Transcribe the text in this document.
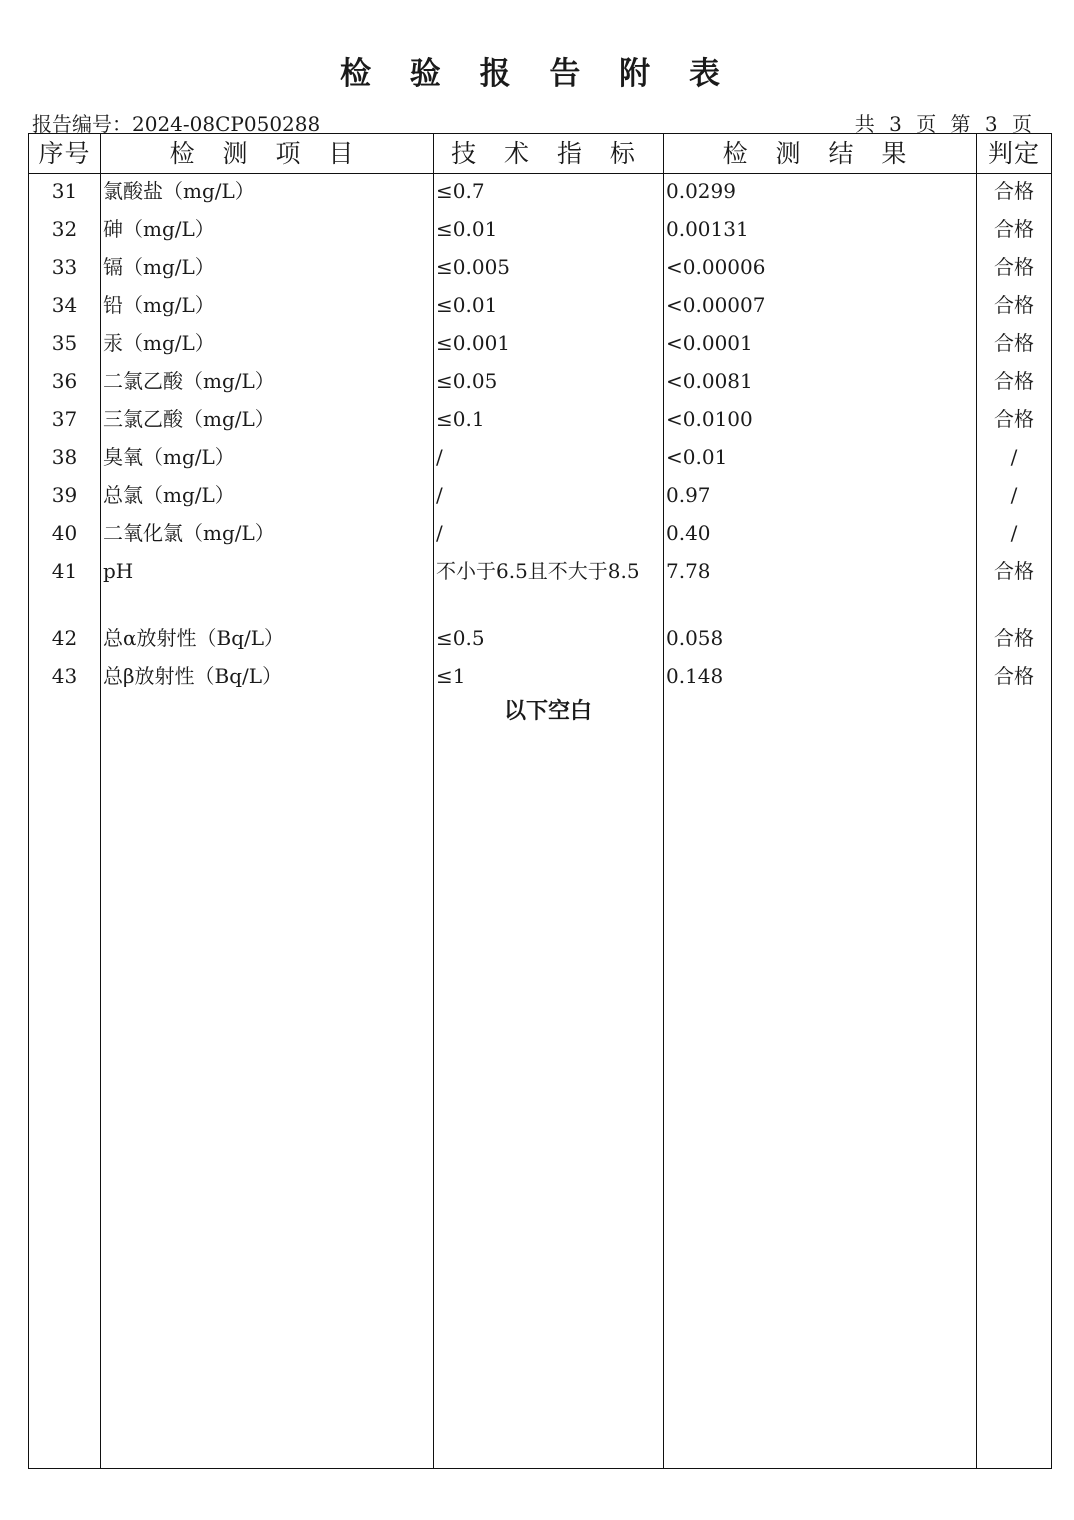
检 验 报 告 附 表
报告编号：2024-08CP050288	共 3 页 第 3 页
序号	检 测 项 目	技 术 指 标	检 测 结 果	判定
31	氯酸盐（mg/L）	≤0.7	0.0299	合格
32	砷（mg/L）	≤0.01	0.00131	合格
33	镉（mg/L）	≤0.005	<0.00006	合格
34	铅（mg/L）	≤0.01	<0.00007	合格
35	汞（mg/L）	≤0.001	<0.0001	合格
36	二氯乙酸（mg/L）	≤0.05	<0.0081	合格
37	三氯乙酸（mg/L）	≤0.1	<0.0100	合格
38	臭氧（mg/L）	/	<0.01	/
39	总氯（mg/L）	/	0.97	/
40	二氧化氯（mg/L）	/	0.40	/
41	pH	不小于6.5且不大于8.5	7.78	合格
42	总α放射性（Bq/L）	≤0.5	0.058	合格
43	总β放射性（Bq/L）	≤1	0.148	合格
以下空白
